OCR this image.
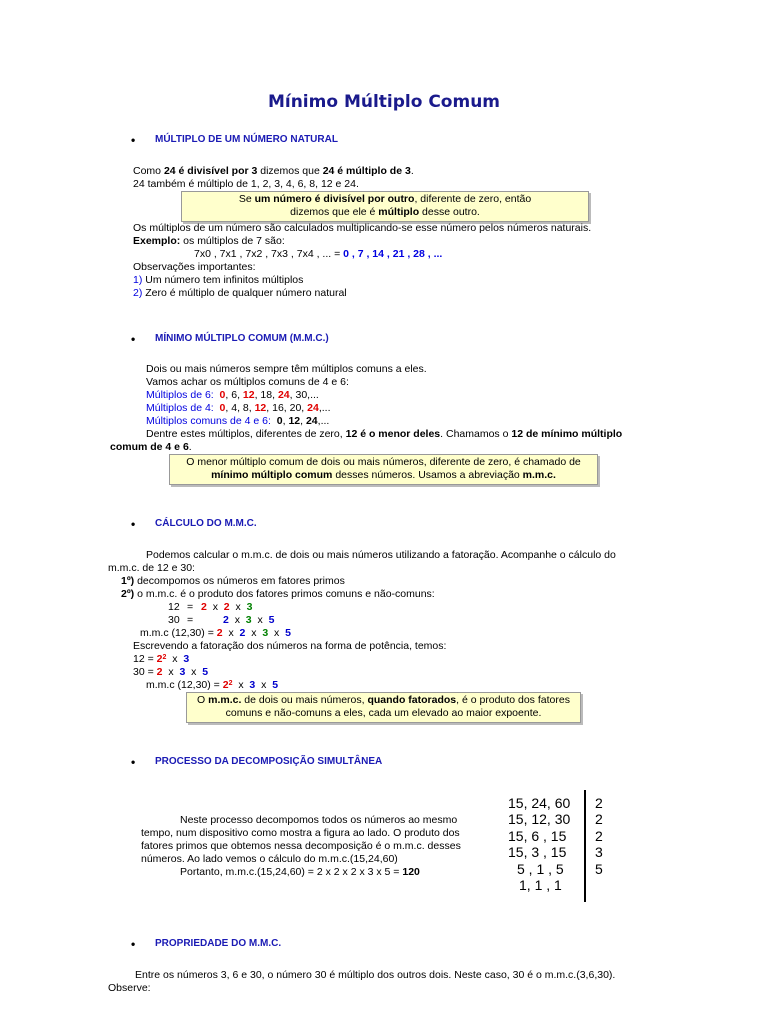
Mínimo Múltiplo Comum
• MÚLTIPLO DE UM NÚMERO NATURAL
Como 24 é divisível por 3 dizemos que 24 é múltiplo de 3.
24 também é múltiplo de 1, 2, 3, 4, 6, 8, 12 e 24.
Se um número é divisível por outro, diferente de zero, então
dizemos que ele é múltiplo desse outro.
Os múltiplos de um número são calculados multiplicando-se esse número pelos números naturais.
Exemplo: os múltiplos de 7 são:
7x0 , 7x1 , 7x2 , 7x3 , 7x4 , ... = 0 , 7 , 14 , 21 , 28 , ...
Observações importantes:
1) Um número tem infinitos múltiplos
2) Zero é múltiplo de qualquer número natural
• MÍNIMO MÚLTIPLO COMUM (M.M.C.)
Dois ou mais números sempre têm múltiplos comuns a eles.
Vamos achar os múltiplos comuns de 4 e 6:
Múltiplos de 6: 0, 6, 12, 18, 24, 30,...
Múltiplos de 4: 0, 4, 8, 12, 16, 20, 24,...
Múltiplos comuns de 4 e 6: 0, 12, 24,...
Dentre estes múltiplos, diferentes de zero, 12 é o menor deles. Chamamos o 12 de mínimo múltiplo
comum de 4 e 6.
O menor múltiplo comum de dois ou mais números, diferente de zero, é chamado de
mínimo múltiplo comum desses números. Usamos a abreviação m.m.c.
• CÁLCULO DO M.M.C.
Podemos calcular o m.m.c. de dois ou mais números utilizando a fatoração. Acompanhe o cálculo do
m.m.c. de 12 e 30:
1º) decompomos os números em fatores primos
2º) o m.m.c. é o produto dos fatores primos comuns e não-comuns:
12 = 2 x 2 x 3
30 =	2 x 3 x 5
m.m.c (12,30) = 2 x 2 x 3 x 5
Escrevendo a fatoração dos números na forma de potência, temos:
$12 = 2^2$ x 3
30 = 2 x 3 x 5
m.m.c $(12,30) = 2^2$ x 3 x 5
O m.m.c. de dois ou mais números, quando fatorados, é o produto dos fatores
comuns e não-comuns a eles, cada um elevado ao maior expoente.
• PROCESSO DA DECOMPOSIÇÃO SIMULTÂNEA
Neste processo decompomos todos os números ao mesmo
tempo, num dispositivo como mostra a figura ao lado. O produto dos
fatores primos que obtemos nessa decomposição é o m.m.c. desses
números. Ao lado vemos o cálculo do m.m.c.(15,24,60)
Portanto, m.m.c.(15,24,60) = 2 x 2 x 2 x 3 x 5 = 120
15, 24, 60
15, 12, 30
15, 6 , 15
15, 3 , 15
5 , 1 , 5
1, 1 , 1
2
2
2
3
5
• PROPRIEDADE DO M.M.C.
Entre os números 3, 6 e 30, o número 30 é múltiplo dos outros dois. Neste caso, 30 é o m.m.c.(3,6,30).
Observe:
